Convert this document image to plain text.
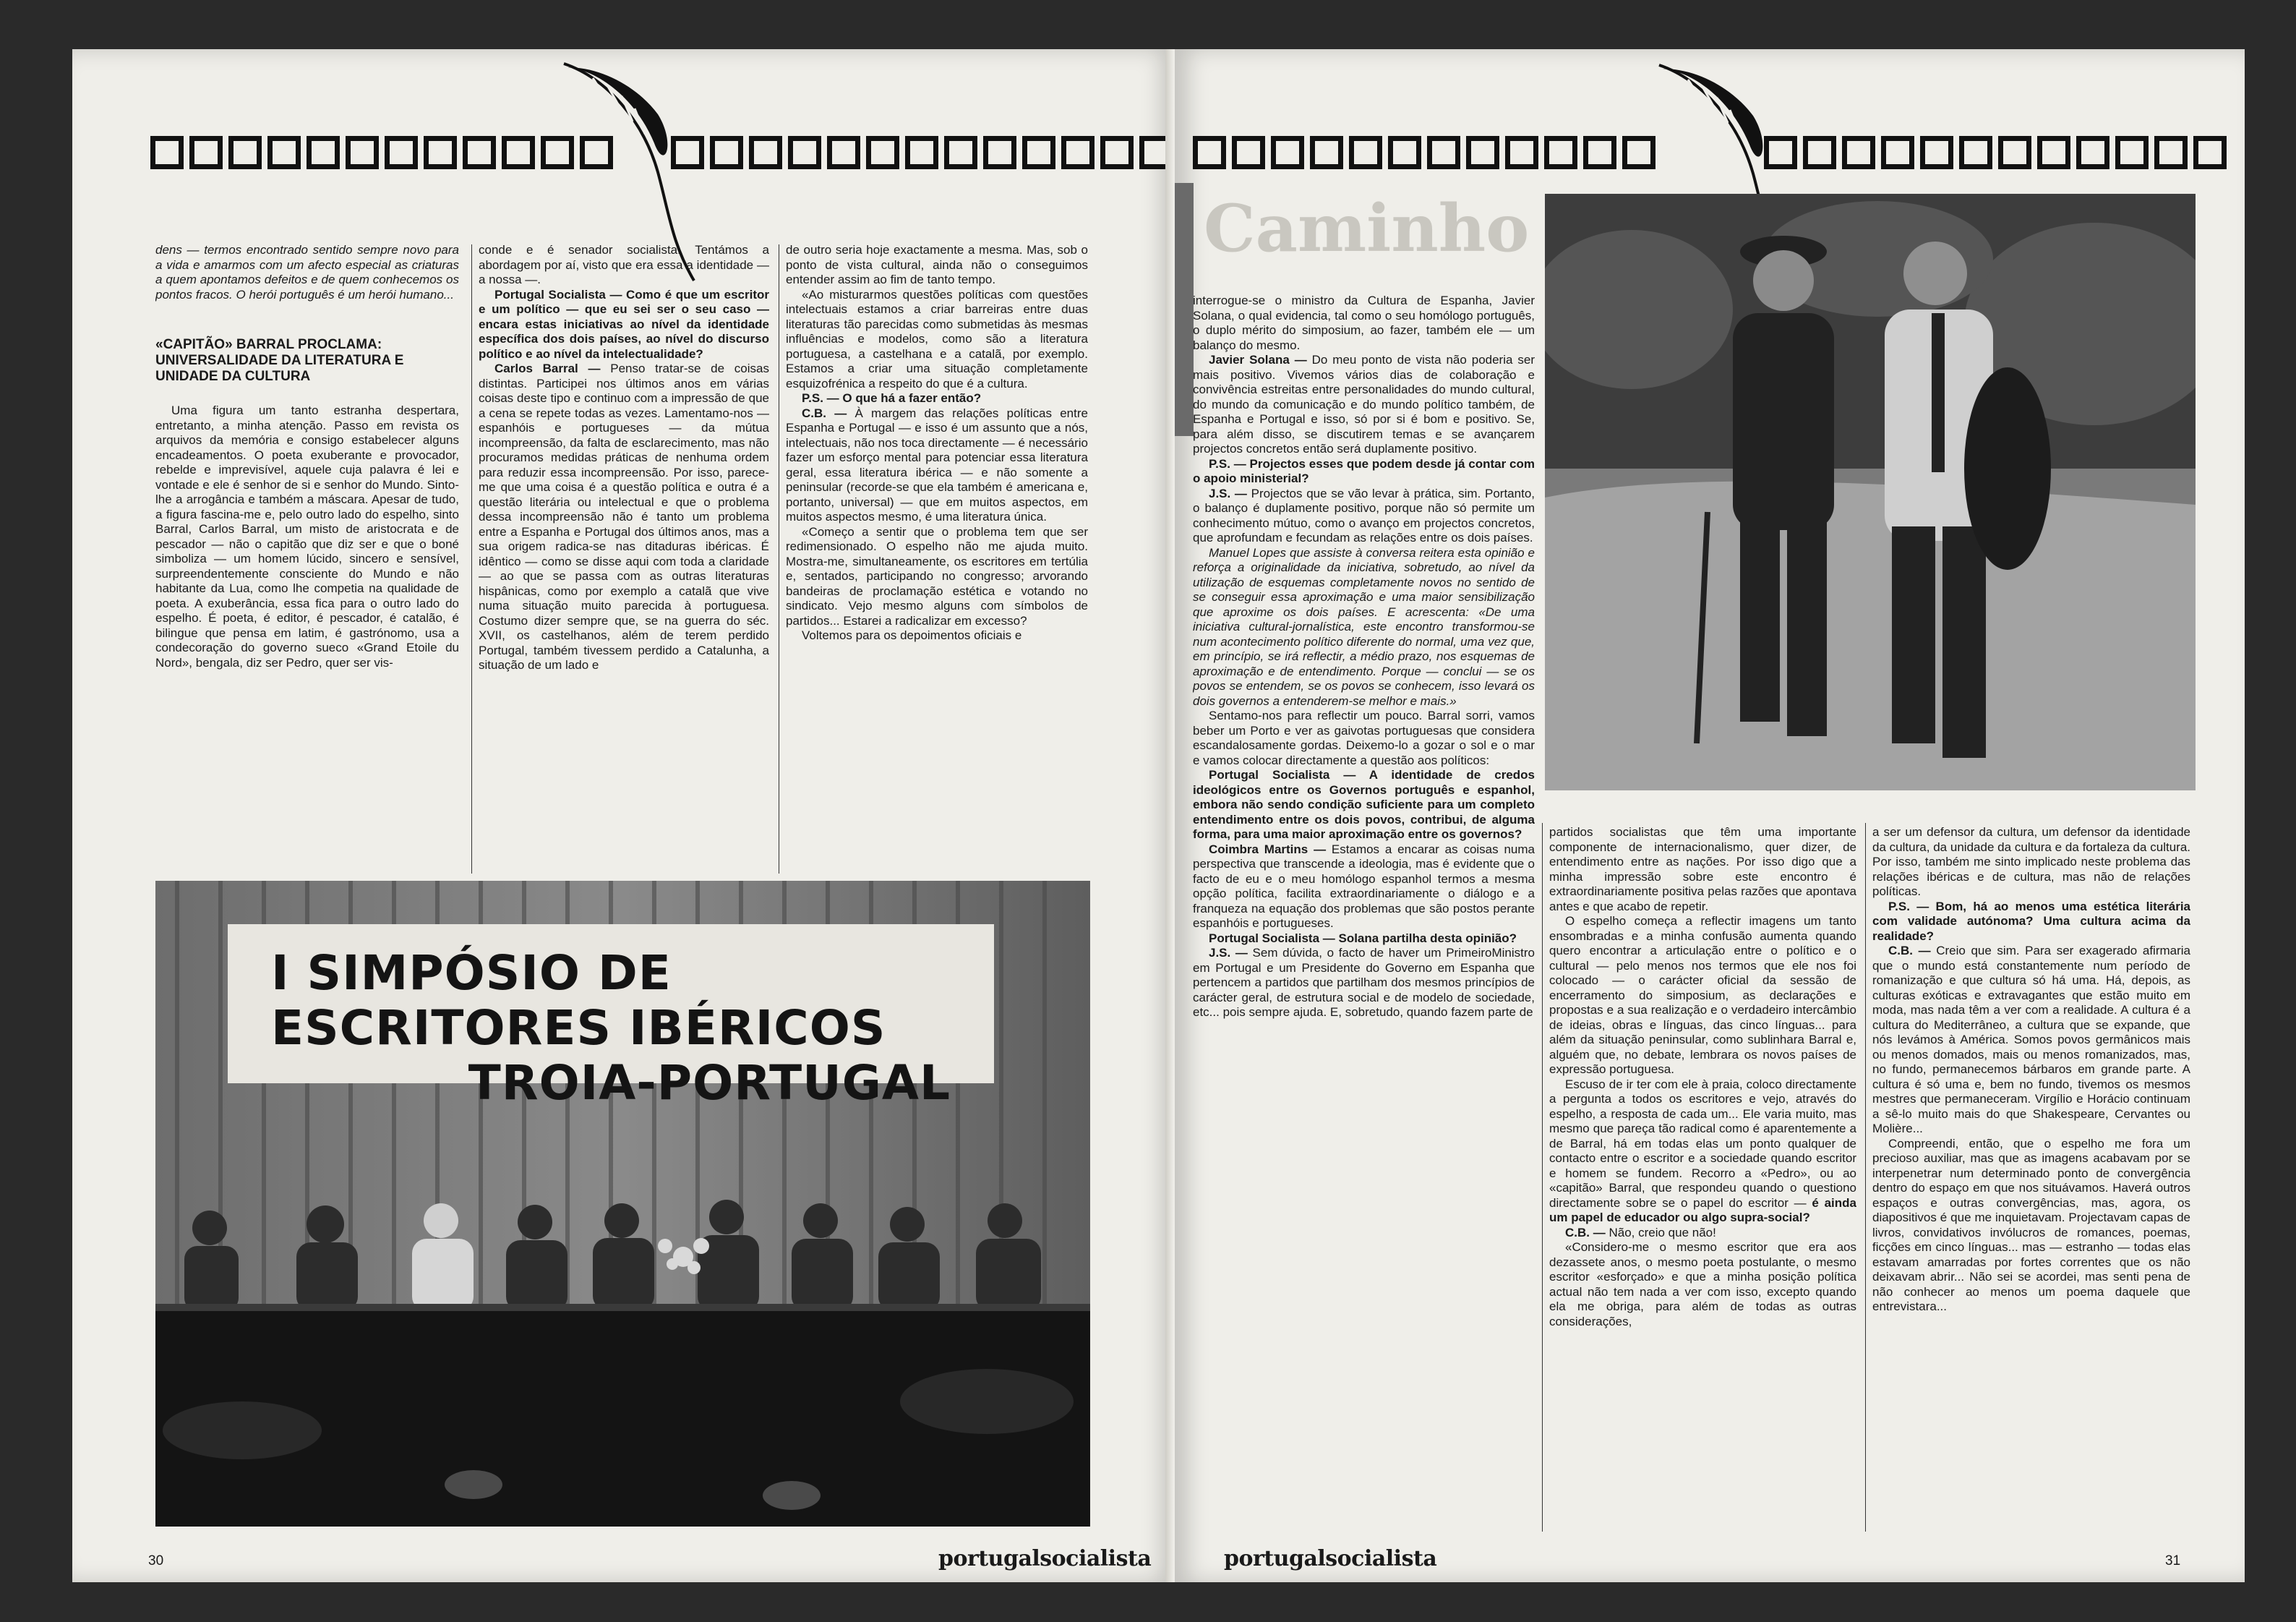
dens — termos encontrado sentido sempre novo para a vida e amarmos com um afecto especial as criaturas a quem apontamos defeitos e de quem conhecemos os pontos fracos. O herói português é um herói humano...

«CAPITÃO» BARRAL PROCLAMA: UNIVERSALIDADE DA LITERATURA E UNIDADE DA CULTURA

Uma figura um tanto estranha despertara, entretanto, a minha atenção. Passo em revista os arquivos da memória e consigo estabelecer alguns encadeamentos. O poeta exuberante e provocador, rebelde e imprevisível, aquele cuja palavra é lei e vontade e ele é senhor de si e senhor do Mundo. Sinto-lhe a arrogância e também a máscara. Apesar de tudo, a figura fascina-me e, pelo outro lado do espelho, sinto Barral, Carlos Barral, um misto de aristocrata e de pescador — não o capitão que diz ser e que o boné simboliza — um homem lúcido, sincero e sensível, surpreendentemente consciente do Mundo e não habitante da Lua, como lhe competia na qualidade de poeta. A exuberância, essa fica para o outro lado do espelho. É poeta, é editor, é pescador, é catalão, é bilingue que pensa em latim, é gastrónomo, usa a condecoração do governo sueco «Grand Etoile du Nord», bengala, diz ser Pedro, quer ser vis-

conde e é senador socialista. Tentámos a abordagem por aí, visto que era essa a identidade — a nossa —.

Portugal Socialista — Como é que um escritor e um político — que eu sei ser o seu caso — encara estas iniciativas ao nível da identidade específica dos dois países, ao nível do discurso político e ao nível da intelectualidade?

Carlos Barral — Penso tratar-se de coisas distintas. Participei nos últimos anos em várias coisas deste tipo e continuo com a impressão de que a cena se repete todas as vezes. Lamentamo-nos — espanhóis e portugueses — da mútua incompreensão, da falta de esclarecimento, mas não procuramos medidas práticas de nenhuma ordem para reduzir essa incompreensão. Por isso, parece-me que uma coisa é a questão política e outra é a questão literária ou intelectual e que o problema dessa incompreensão não é tanto um problema entre a Espanha e Portugal dos últimos anos, mas a sua origem radica-se nas ditaduras ibéricas. É idêntico — como se disse aqui com toda a claridade — ao que se passa com as outras literaturas hispânicas, como por exemplo a catalã que vive numa situação muito parecida à portuguesa. Costumo dizer sempre que, se na guerra do séc. XVII, os castelhanos, além de terem perdido Portugal, também tivessem perdido a Catalunha, a situação de um lado e

de outro seria hoje exactamente a mesma. Mas, sob o ponto de vista cultural, ainda não o conseguimos entender assim ao fim de tanto tempo.

«Ao misturarmos questões políticas com questões intelectuais estamos a criar barreiras entre duas literaturas tão parecidas como submetidas às mesmas influências e modelos, como são a literatura portuguesa, a castelhana e a catalã, por exemplo. Estamos a criar uma situação completamente esquizofrénica a respeito do que é a cultura.

P.S. — O que há a fazer então?

C.B. — À margem das relações políticas entre Espanha e Portugal — e isso é um assunto que a nós, intelectuais, não nos toca directamente — é necessário fazer um esforço mental para potenciar essa literatura geral, essa literatura ibérica — e não somente a peninsular (recorde-se que ela também é americana e, portanto, universal) — que em muitos aspectos, em muitos aspectos mesmo, é uma literatura única.

«Começo a sentir que o problema tem que ser redimensionado. O espelho não me ajuda muito. Mostra-me, simultaneamente, os escritores em tertúlia e, sentados, participando no congresso; arvorando bandeiras de proclamação estética e votando no sindicato. Vejo mesmo alguns com símbolos de partidos... Estarei a radicalizar em excesso?

Voltemos para os depoimentos oficiais e

I SIMPÓSIO DE ESCRITORES IBÉRICOS
TROIA-PORTUGAL
30	portugalsocialista
Caminho

interrogue-se o ministro da Cultura de Espanha, Javier Solana, o qual evidencia, tal como o seu homólogo português, o duplo mérito do simposium, ao fazer, também ele — um balanço do mesmo.

Javier Solana — Do meu ponto de vista não poderia ser mais positivo. Vivemos vários dias de colaboração e convivência estreitas entre personalidades do mundo cultural, do mundo da comunicação e do mundo político também, de Espanha e Portugal e isso, só por si é bom e positivo. Se, para além disso, se discutirem temas e se avançarem projectos concretos então será duplamente positivo.

P.S. — Projectos esses que podem desde já contar com o apoio ministerial?

J.S. — Projectos que se vão levar à prática, sim. Portanto, o balanço é duplamente positivo, porque não só permite um conhecimento mútuo, como o avanço em projectos concretos, que aprofundam e fecundam as relações entre os dois países.

Manuel Lopes que assiste à conversa reitera esta opinião e reforça a originalidade da iniciativa, sobretudo, ao nível da utilização de esquemas completamente novos no sentido de se conseguir essa aproximação e uma maior sensibilização que aproxime os dois países. E acrescenta: «De uma iniciativa cultural-jornalística, este encontro transformou-se num acontecimento político diferente do normal, uma vez que, em princípio, se irá reflectir, a médio prazo, nos esquemas de aproximação e de entendimento. Porque — conclui — se os povos se entendem, se os povos se conhecem, isso levará os dois governos a entenderem-se melhor e mais.»

Sentamo-nos para reflectir um pouco. Barral sorri, vamos beber um Porto e ver as gaivotas portuguesas que considera escandalosamente gordas. Deixemo-lo a gozar o sol e o mar e vamos colocar directamente a questão aos políticos:

Portugal Socialista — A identidade de credos ideológicos entre os Governos português e espanhol, embora não sendo condição suficiente para um completo entendimento entre os dois povos, contribui, de alguma forma, para uma maior aproximação entre os governos?

Coimbra Martins — Estamos a encarar as coisas numa perspectiva que transcende a ideologia, mas é evidente que o facto de eu e o meu homólogo espanhol termos a mesma opção política, facilita extraordinariamente o diálogo e a franqueza na equação dos problemas que são postos perante espanhóis e portugueses.

Portugal Socialista — Solana partilha desta opinião?

J.S. — Sem dúvida, o facto de haver um PrimeiroMinistro em Portugal e um Presidente do Governo em Espanha que pertencem a partidos que partilham dos mesmos princípios de carácter geral, de estrutura social e de modelo de sociedade, etc... pois sempre ajuda. E, sobretudo, quando fazem parte de

partidos socialistas que têm uma importante componente de internacionalismo, quer dizer, de entendimento entre as nações. Por isso digo que a minha impressão sobre este encontro é extraordinariamente positiva pelas razões que apontava antes e que acabo de repetir.

O espelho começa a reflectir imagens um tanto ensombradas e a minha confusão aumenta quando quero encontrar a articulação entre o político e o cultural — pelo menos nos termos que ele nos foi colocado — o carácter oficial da sessão de encerramento do simposium, as declarações e propostas e a sua realização e o verdadeiro intercâmbio de ideias, obras e línguas, das cinco línguas... para além da situação peninsular, como sublinhara Barral e, alguém que, no debate, lembrara os novos países de expressão portuguesa.

Escuso de ir ter com ele à praia, coloco directamente a pergunta a todos os escritores e vejo, através do espelho, a resposta de cada um... Ele varia muito, mas mesmo que pareça tão radical como é aparentemente a de Barral, há em todas elas um ponto qualquer de contacto entre o escritor e a sociedade quando escritor e homem se fundem. Recorro a «Pedro», ou ao «capitão» Barral, que respondeu quando o questiono directamente sobre se o papel do escritor — é ainda um papel de educador ou algo supra-social?

C.B. — Não, creio que não!

«Considero-me o mesmo escritor que era aos dezassete anos, o mesmo poeta postulante, o mesmo escritor «esforçado» e que a minha posição política actual não tem nada a ver com isso, excepto quando ela me obriga, para além de todas as outras considerações,

a ser um defensor da cultura, um defensor da identidade da cultura, da unidade da cultura e da fortaleza da cultura. Por isso, também me sinto implicado neste problema das relações ibéricas e de cultura, mas não de relações políticas.

P.S. — Bom, há ao menos uma estética literária com validade autónoma? Uma cultura acima da realidade?

C.B. — Creio que sim. Para ser exagerado afirmaria que o mundo está constantemente num período de romanização e que cultura só há uma. Há, depois, as culturas exóticas e extravagantes que estão muito em moda, mas nada têm a ver com a realidade. A cultura é a cultura do Mediterrâneo, a cultura que se expande, que nós levámos à América. Somos povos germânicos mais ou menos domados, mais ou menos romanizados, mas, no fundo, permanecemos bárbaros em grande parte. A cultura é só uma e, bem no fundo, tivemos os mesmos mestres que permaneceram. Virgílio e Horácio continuam a sê-lo muito mais do que Shakespeare, Cervantes ou Molière...

Compreendi, então, que o espelho me fora um precioso auxiliar, mas que as imagens acabavam por se interpenetrar num determinado ponto de convergência dentro do espaço em que nos situávamos. Haverá outros espaços e outras convergências, mas, agora, os diapositivos é que me inquietavam. Projectavam capas de livros, convidativos invólucros de romances, poemas, ficções em cinco línguas... mas — estranho — todas elas estavam amarradas por fortes correntes que os não deixavam abrir... Não sei se acordei, mas senti pena de não conhecer ao menos um poema daquele que entrevistara...

portugalsocialista	31
